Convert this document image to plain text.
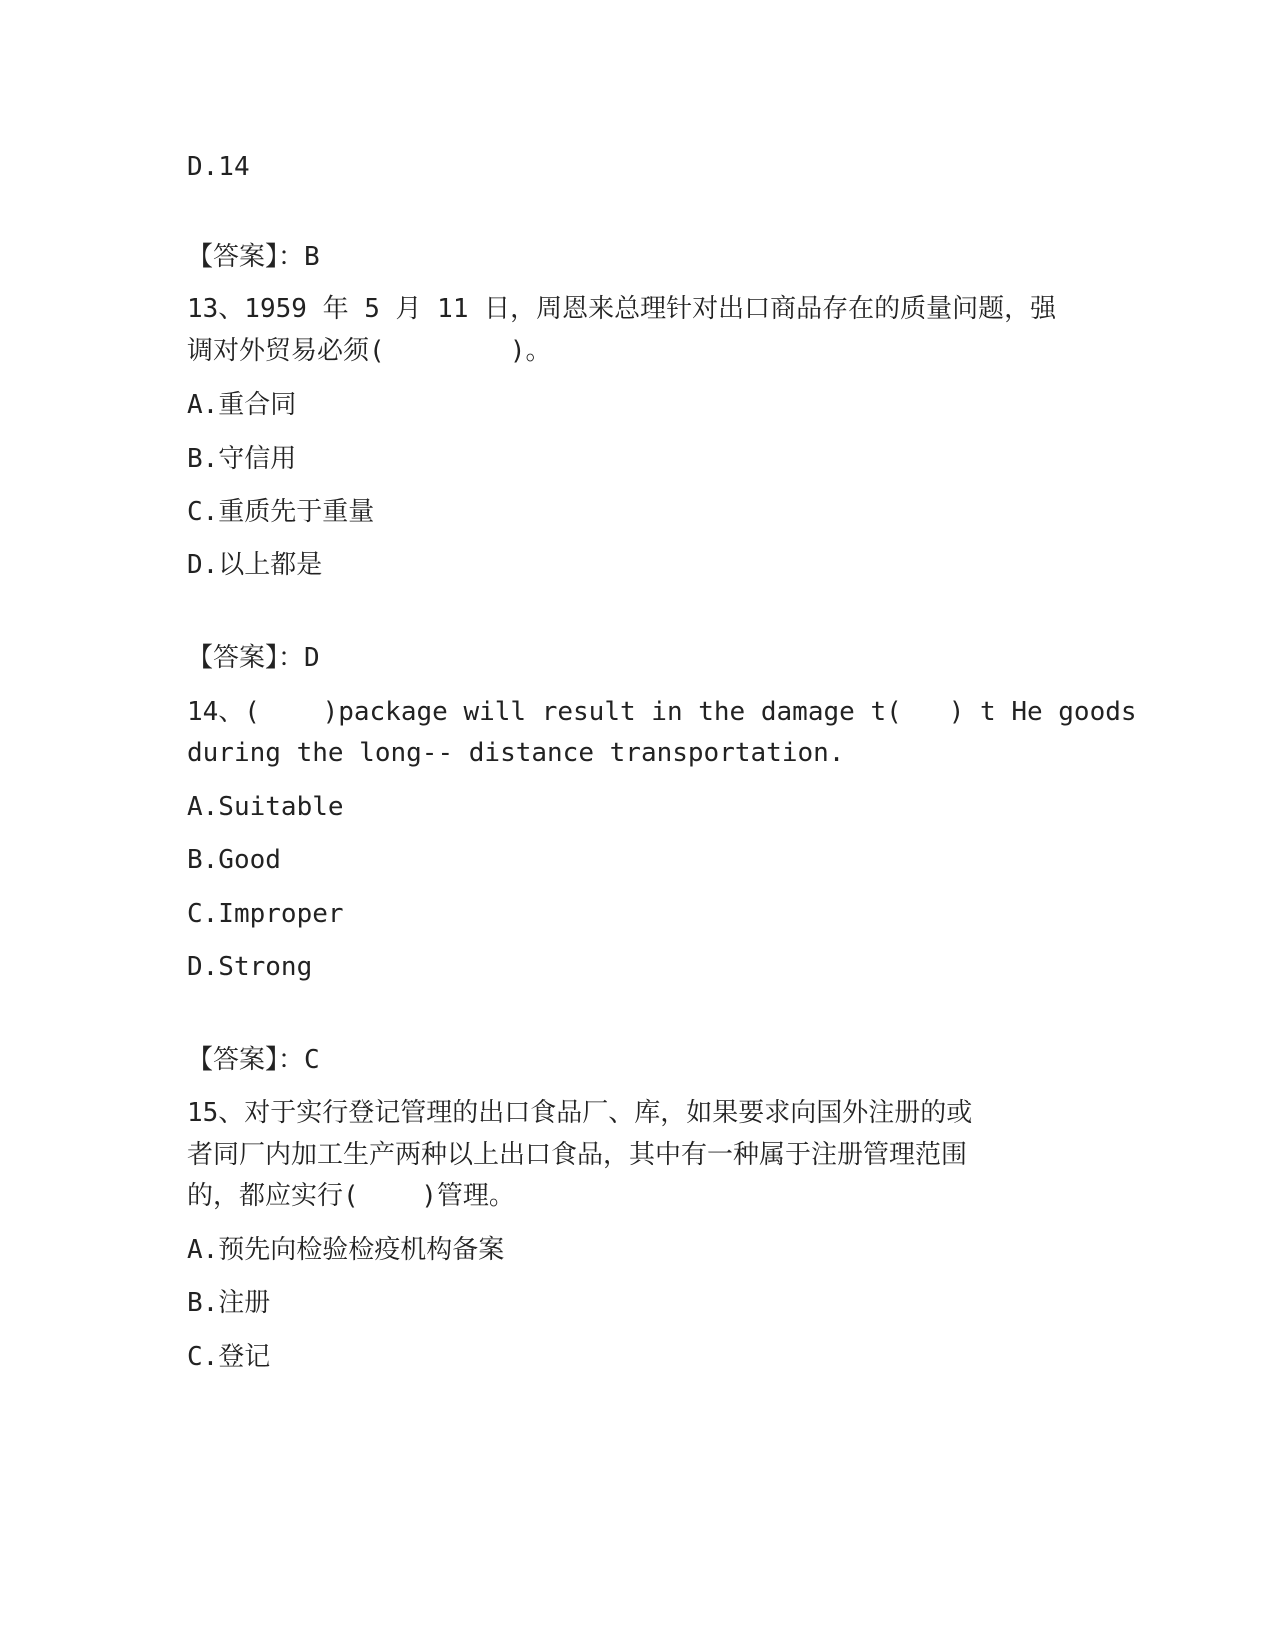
D.14
【答案】：B
13、1959 年 5 月 11 日，周恩来总理针对出口商品存在的质量问题，强
调对外贸易必须(        )。
A.重合同
B.守信用
C.重质先于重量
D.以上都是
【答案】：D
14、(    )package will result in the damage t(   ) t He goods
during the long-- distance transportation.
A.Suitable
B.Good
C.Improper
D.Strong
【答案】：C
15、对于实行登记管理的出口食品厂、库，如果要求向国外注册的或
者同厂内加工生产两种以上出口食品，其中有一种属于注册管理范围
的，都应实行(    )管理。
A.预先向检验检疫机构备案
B.注册
C.登记
